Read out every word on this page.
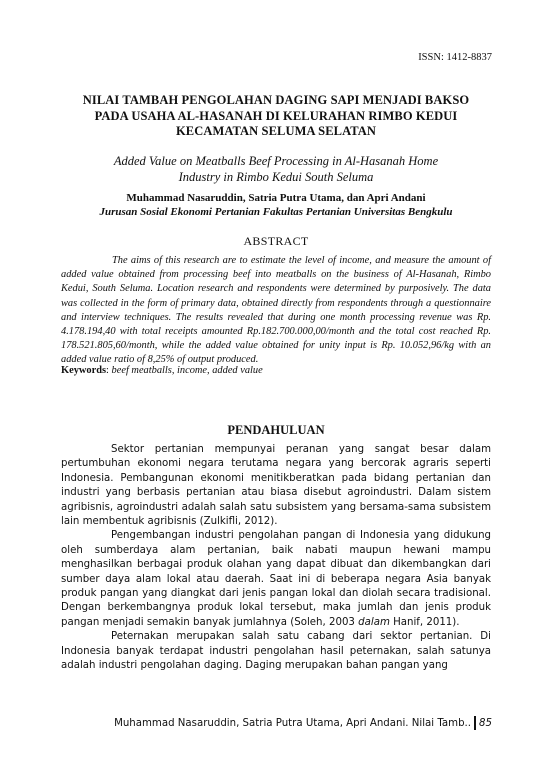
ISSN: 1412-8837
NILAI TAMBAH PENGOLAHAN DAGING SAPI MENJADI BAKSO
PADA USAHA AL-HASANAH DI KELURAHAN RIMBO KEDUI
KECAMATAN SELUMA SELATAN
Added Value on Meatballs Beef Processing in Al-Hasanah Home
Industry in Rimbo Kedui South Seluma
Muhammad Nasaruddin, Satria Putra Utama, dan Apri Andani
Jurusan Sosial Ekonomi Pertanian Fakultas Pertanian Universitas Bengkulu
ABSTRACT

The aims of this research are to estimate the level of income, and measure the amount of added value obtained from processing beef into meatballs on the business of Al-Hasanah, Rimbo Kedui, South Seluma. Location research and respondents were determined by purposively. The data was collected in the form of primary data, obtained directly from respondents through a questionnaire and interview techniques. The results revealed that during one month processing revenue was Rp. 4.178.194,40 with total receipts amounted Rp.182.700.000,00/month and the total cost reached Rp. 178.521.805,60/month, while the added value obtained for unity input is Rp. 10.052,96/kg with an added value ratio of 8,25% of output produced.

Keywords: beef meatballs, income, added value
PENDAHULUAN

Sektor pertanian mempunyai peranan yang sangat besar dalam pertumbuhan ekonomi negara terutama negara yang bercorak agraris seperti Indonesia. Pembangunan ekonomi menitikberatkan pada bidang pertanian dan industri yang berbasis pertanian atau biasa disebut agroindustri. Dalam sistem agribisnis, agroindustri adalah salah satu subsistem yang bersama-sama subsistem lain membentuk agribisnis (Zulkifli, 2012).

Pengembangan industri pengolahan pangan di Indonesia yang didukung oleh sumberdaya alam pertanian, baik nabati maupun hewani mampu menghasilkan berbagai produk olahan yang dapat dibuat dan dikembangkan dari sumber daya alam lokal atau daerah. Saat ini di beberapa negara Asia banyak produk pangan yang diangkat dari jenis pangan lokal dan diolah secara tradisional. Dengan berkembangnya produk lokal tersebut, maka jumlah dan jenis produk pangan menjadi semakin banyak jumlahnya (Soleh, 2003 dalam Hanif, 2011).

Peternakan merupakan salah satu cabang dari sektor pertanian. Di Indonesia banyak terdapat industri pengolahan hasil peternakan, salah satunya adalah industri pengolahan daging. Daging merupakan bahan pangan yang

Muhammad Nasaruddin, Satria Putra Utama, Apri Andani. Nilai Tamb.. 85
